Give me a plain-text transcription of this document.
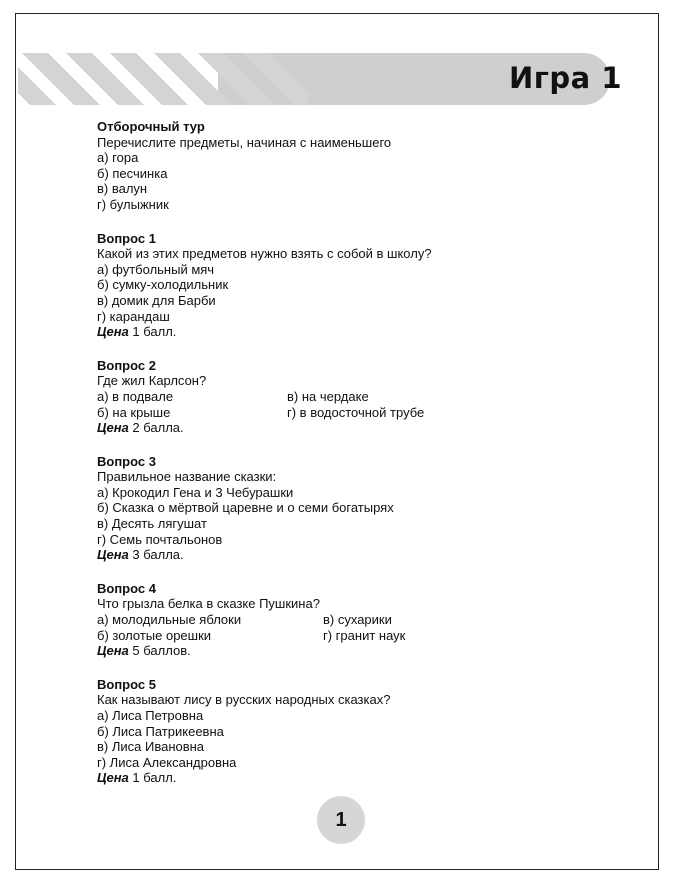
Игра 1
Отборочный тур
Перечислите предметы, начиная с наименьшего
а) гора
б) песчинка
в) валун
г) булыжник
Вопрос 1
Какой из этих предметов нужно взять с собой в школу?
а) футбольный мяч
б) сумку-холодильник
в) домик для Барби
г) карандаш
Цена 1 балл.
Вопрос 2
Где жил Карлсон?
а) в подвале	в) на чердаке
б) на крыше	г) в водосточной трубе
Цена 2 балла.
Вопрос 3
Правильное название сказки:
а) Крокодил Гена и 3 Чебурашки
б) Сказка о мёртвой царевне и о семи богатырях
в) Десять лягушат
г) Семь почтальонов
Цена 3 балла.
Вопрос 4
Что грызла белка в сказке Пушкина?
а) молодильные яблоки	в) сухарики
б) золотые орешки	г) гранит наук
Цена 5 баллов.
Вопрос 5
Как называют лису в русских народных сказках?
а) Лиса Петровна
б) Лиса Патрикеевна
в) Лиса Ивановна
г) Лиса Александровна
Цена 1 балл.
1
